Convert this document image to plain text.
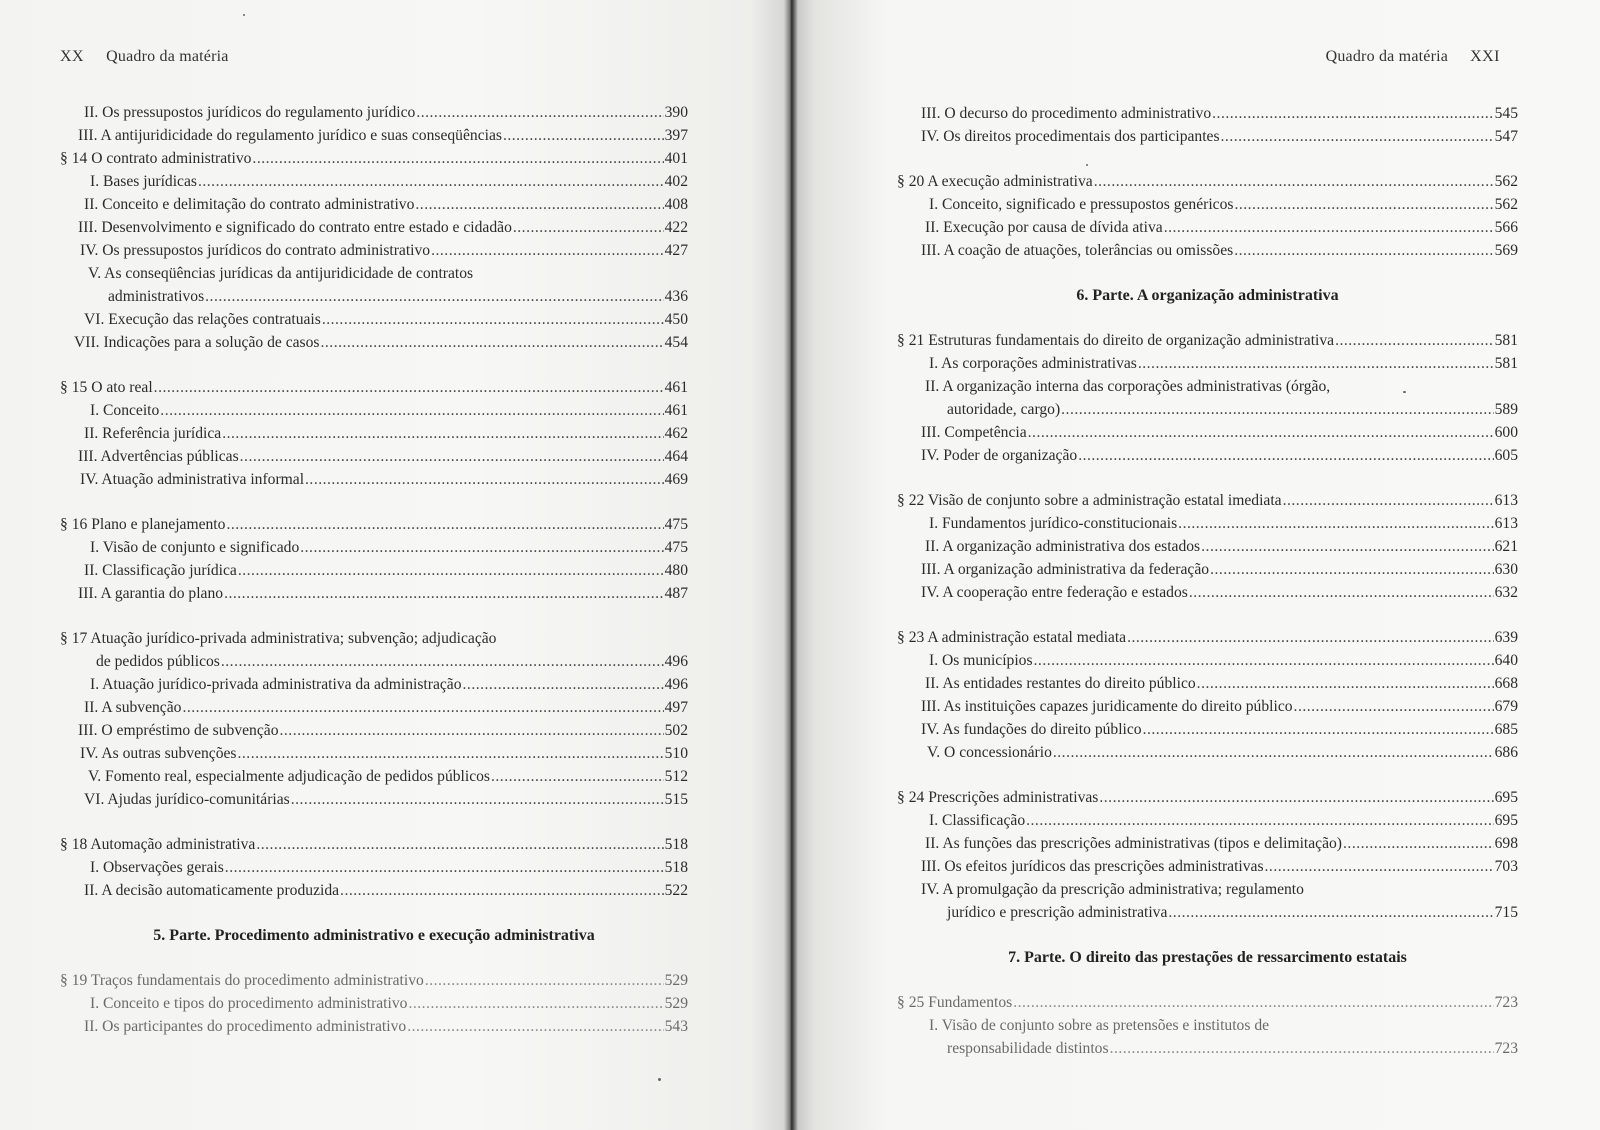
XX Quadro da matéria
II. Os pressupostos jurídicos do regulamento jurídico .....	390
III. A antijuridicidade do regulamento jurídico e suas conseqüências .....	397
§ 14 O contrato administrativo .....	401
I. Bases jurídicas .....	402
II. Conceito e delimitação do contrato administrativo .....	408
III. Desenvolvimento e significado do contrato entre estado e cidadão .....	422
IV. Os pressupostos jurídicos do contrato administrativo .....	427
V. As conseqüências jurídicas da antijuridicidade de contratos
administrativos .....	436
VI. Execução das relações contratuais .....	450
VII. Indicações para a solução de casos .....	454
§ 15 O ato real .....	461
I. Conceito .....	461
II. Referência jurídica .....	462
III. Advertências públicas .....	464
IV. Atuação administrativa informal .....	469
§ 16 Plano e planejamento .....	475
I. Visão de conjunto e significado .....	475
II. Classificação jurídica .....	480
III. A garantia do plano .....	487
§ 17 Atuação jurídico-privada administrativa; subvenção; adjudicação
de pedidos públicos .....	496
I. Atuação jurídico-privada administrativa da administração .....	496
II. A subvenção .....	497
III. O empréstimo de subvenção .....	502
IV. As outras subvenções .....	510
V. Fomento real, especialmente adjudicação de pedidos públicos .....	512
VI. Ajudas jurídico-comunitárias .....	515
§ 18 Automação administrativa .....	518
I. Observações gerais .....	518
II. A decisão automaticamente produzida .....	522
5. Parte. Procedimento administrativo e execução administrativa
§ 19 Traços fundamentais do procedimento administrativo .....	529
I. Conceito e tipos do procedimento administrativo .....	529
II. Os participantes do procedimento administrativo .....	543
Quadro da matéria XXI
III. O decurso do procedimento administrativo .....	545
IV. Os direitos procedimentais dos participantes .....	547
§ 20 A execução administrativa .....	562
I. Conceito, significado e pressupostos genéricos .....	562
II. Execução por causa de dívida ativa .....	566
III. A coação de atuações, tolerâncias ou omissões .....	569
6. Parte. A organização administrativa
§ 21 Estruturas fundamentais do direito de organização administrativa .....	581
I. As corporações administrativas .....	581
II. A organização interna das corporações administrativas (órgão,
autoridade, cargo) .....	589
III. Competência .....	600
IV. Poder de organização .....	605
§ 22 Visão de conjunto sobre a administração estatal imediata .....	613
I. Fundamentos jurídico-constitucionais .....	613
II. A organização administrativa dos estados .....	621
III. A organização administrativa da federação .....	630
IV. A cooperação entre federação e estados .....	632
§ 23 A administração estatal mediata .....	639
I. Os municípios .....	640
II. As entidades restantes do direito público .....	668
III. As instituições capazes juridicamente do direito público .....	679
IV. As fundações do direito público .....	685
V. O concessionário .....	686
§ 24 Prescrições administrativas .....	695
I. Classificação .....	695
II. As funções das prescrições administrativas (tipos e delimitação) .....	698
III. Os efeitos jurídicos das prescrições administrativas .....	703
IV. A promulgação da prescrição administrativa; regulamento
jurídico e prescrição administrativa .....	715
7. Parte. O direito das prestações de ressarcimento estatais
§ 25 Fundamentos .....	723
I. Visão de conjunto sobre as pretensões e institutos de
responsabilidade distintos .....	723
